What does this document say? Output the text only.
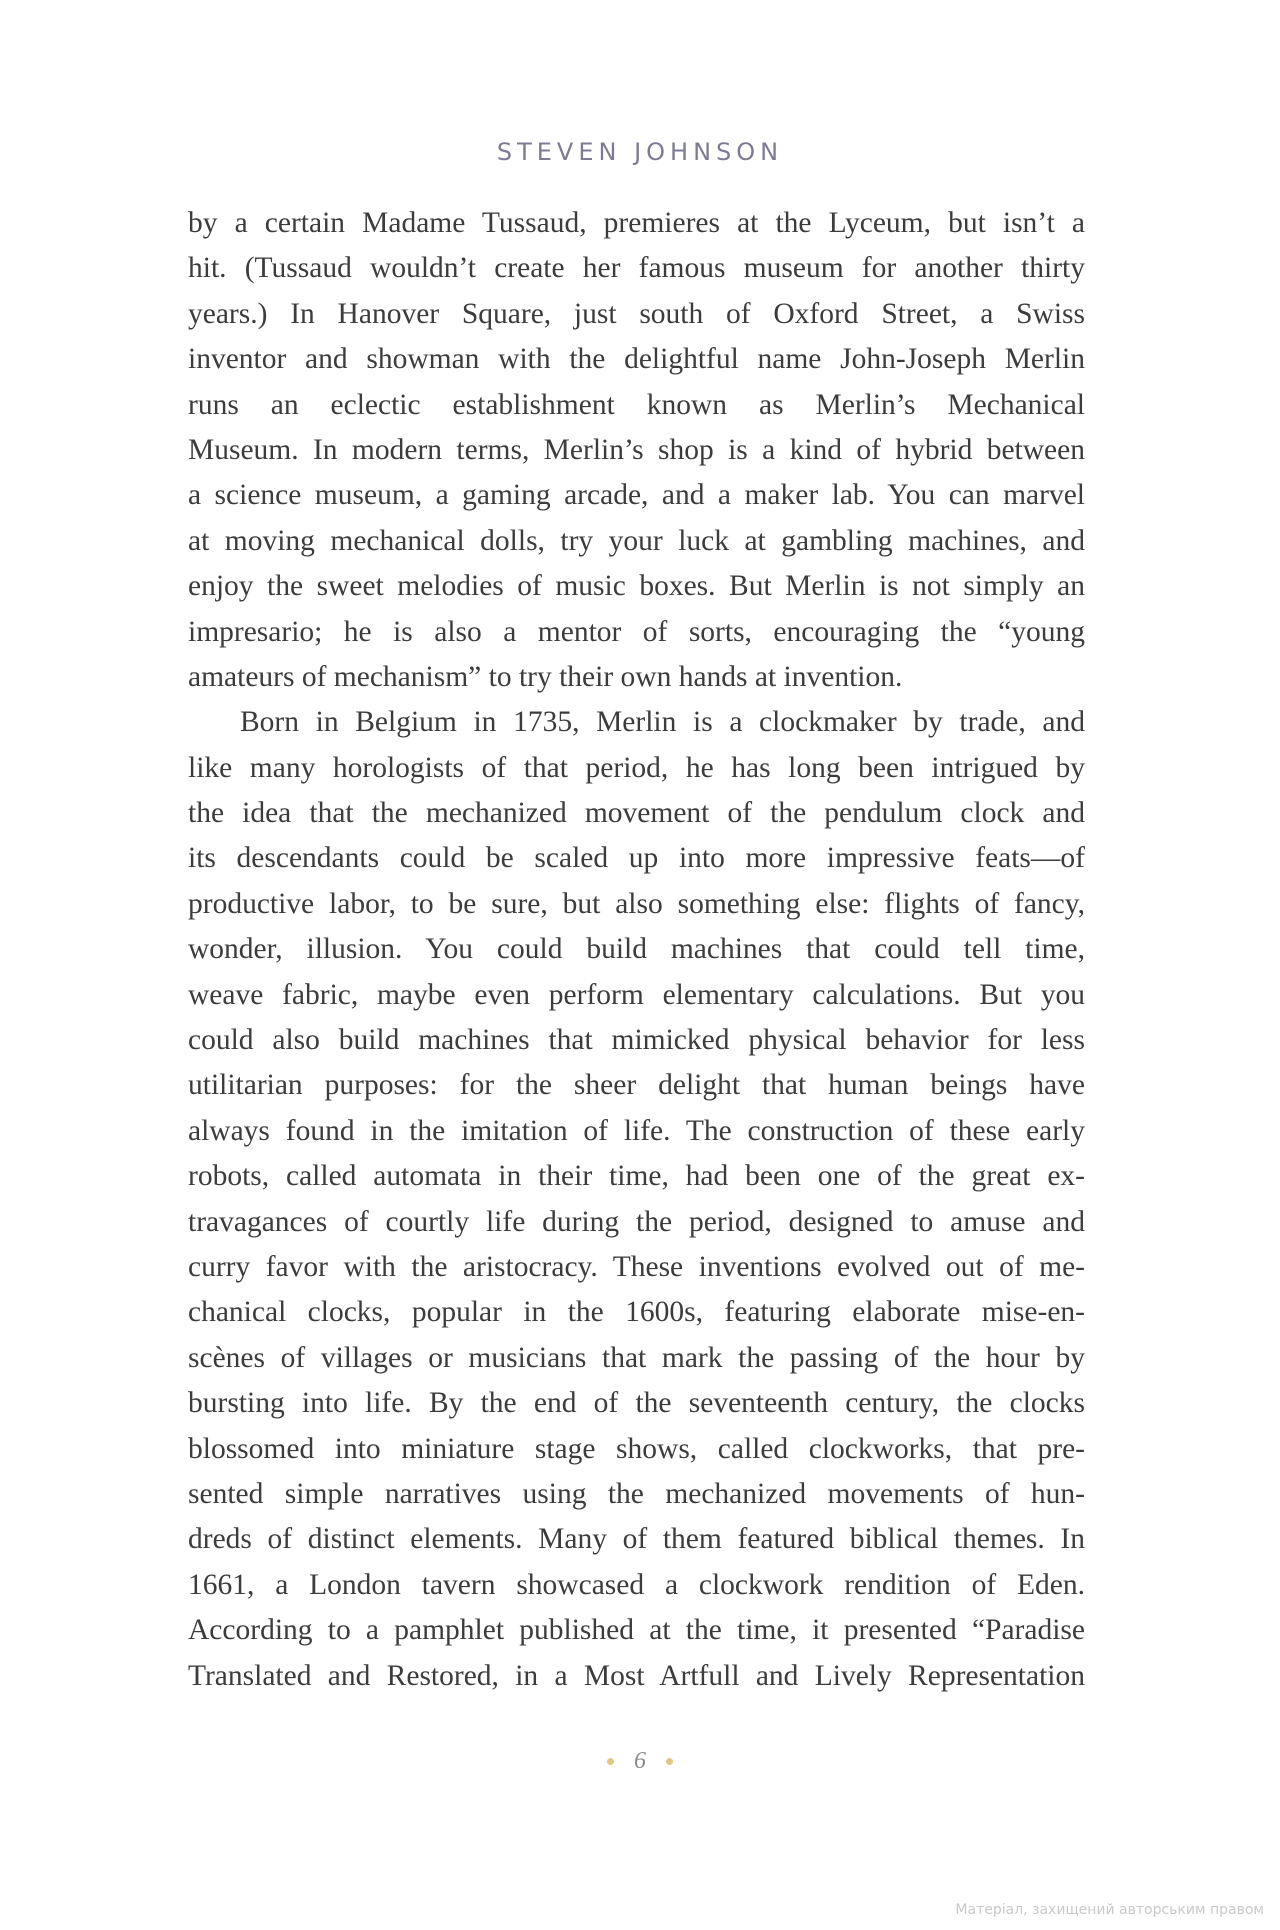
STEVEN JOHNSON
by a certain Madame Tussaud, premieres at the Lyceum, but isn’t a
hit. (Tussaud wouldn’t create her famous museum for another thirty
years.) In Hanover Square, just south of Oxford Street, a Swiss
inventor and showman with the delightful name John-Joseph Merlin
runs an eclectic establishment known as Merlin’s Mechanical
Museum. In modern terms, Merlin’s shop is a kind of hybrid between
a science museum, a gaming arcade, and a maker lab. You can marvel
at moving mechanical dolls, try your luck at gambling machines, and
enjoy the sweet melodies of music boxes. But Merlin is not simply an
impresario; he is also a mentor of sorts, encouraging the “young
amateurs of mechanism” to try their own hands at invention.
Born in Belgium in 1735, Merlin is a clockmaker by trade, and
like many horologists of that period, he has long been intrigued by
the idea that the mechanized movement of the pendulum clock and
its descendants could be scaled up into more impressive feats—of
productive labor, to be sure, but also something else: flights of fancy,
wonder, illusion. You could build machines that could tell time,
weave fabric, maybe even perform elementary calculations. But you
could also build machines that mimicked physical behavior for less
utilitarian purposes: for the sheer delight that human beings have
always found in the imitation of life. The construction of these early
robots, called automata in their time, had been one of the great ex-
travagances of courtly life during the period, designed to amuse and
curry favor with the aristocracy. These inventions evolved out of me-
chanical clocks, popular in the 1600s, featuring elaborate mise-en-
scènes of villages or musicians that mark the passing of the hour by
bursting into life. By the end of the seventeenth century, the clocks
blossomed into miniature stage shows, called clockworks, that pre-
sented simple narratives using the mechanized movements of hun-
dreds of distinct elements. Many of them featured biblical themes. In
1661, a London tavern showcased a clockwork rendition of Eden.
According to a pamphlet published at the time, it presented “Paradise
Translated and Restored, in a Most Artfull and Lively Representation
6
Матеріал, захищений авторським правом
